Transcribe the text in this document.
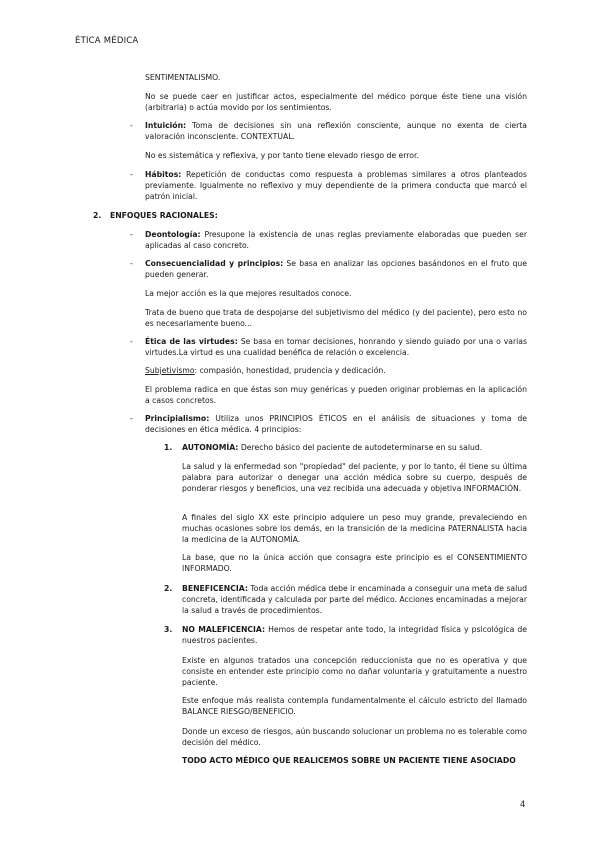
ÉTICA MÉDICA
SENTIMENTALISMO.
No se puede caer en justificar actos, especialmente del médico porque éste tiene una visión (arbitraria) o actúa movido por los sentimientos.
-	Intuición: Toma de decisiones sin una reflexión consciente, aunque no exenta de cierta valoración inconsciente. CONTEXTUAL.
No es sistemática y reflexiva, y por tanto tiene elevado riesgo de error.
-	Hábitos: Repetición de conductas como respuesta a problemas similares a otros planteados previamente. Igualmente no reflexivo y muy dependiente de la primera conducta que marcó el patrón inicial.
2. ENFOQUES RACIONALES:
-	Deontología: Presupone la existencia de unas reglas previamente elaboradas que pueden ser aplicadas al caso concreto.
-	Consecuencialidad y principios: Se basa en analizar las opciones basándonos en el fruto que pueden generar.
La mejor acción es la que mejores resultados conoce.
Trata de bueno que trata de despojarse del subjetivismo del médico (y del paciente), pero esto no es necesariamente bueno...
-	Ética de las virtudes: Se basa en tomar decisiones, honrando y siendo guiado por una o varias virtudes.La virtud es una cualidad benéfica de relación o excelencia.
Subjetivismo: compasión, honestidad, prudencia y dedicación.
El problema radica en que éstas son muy genéricas y pueden originar problemas en la aplicación a casos concretos.
-	Principialismo: Utiliza unos PRINCIPIOS ÉTICOS en el análisis de situaciones y toma de decisiones en ética médica. 4 principios:
1. AUTONOMÍA: Derecho básico del paciente de autodeterminarse en su salud.
La salud y la enfermedad son "propiedad" del paciente, y por lo tanto, él tiene su última palabra para autorizar o denegar una acción médica sobre su cuerpo, después de ponderar riesgos y beneficios, una vez recibida una adecuada y objetiva INFORMACIÓN.
A finales del siglo XX este principio adquiere un peso muy grande, prevaleciendo en muchas ocasiones sobre los demás, en la transición de la medicina PATERNALISTA hacia la medicina de la AUTONOMÍA.
La base, que no la única acción que consagra este principio es el CONSENTIMIENTO INFORMADO.
2. BENEFICENCIA: Toda acción médica debe ir encaminada a conseguir una meta de salud concreta, identificada y calculada por parte del médico. Acciones encaminadas a mejorar la salud a través de procedimientos.
3. NO MALEFICENCIA: Hemos de respetar ante todo, la integridad física y psicológica de nuestros pacientes.
Existe en algunos tratados una concepción reduccionista que no es operativa y que consiste en entender este principio como no dañar voluntaria y gratuitamente a nuestro paciente.
Este enfoque más realista contempla fundamentalmente el cálculo estricto del llamado BALANCE RIESGO/BENEFICIO.
Donde un exceso de riesgos, aún buscando solucionar un problema no es tolerable como decisión del médico.
TODO ACTO MÉDICO QUE REALICEMOS SOBRE UN PACIENTE TIENE ASOCIADO
4
